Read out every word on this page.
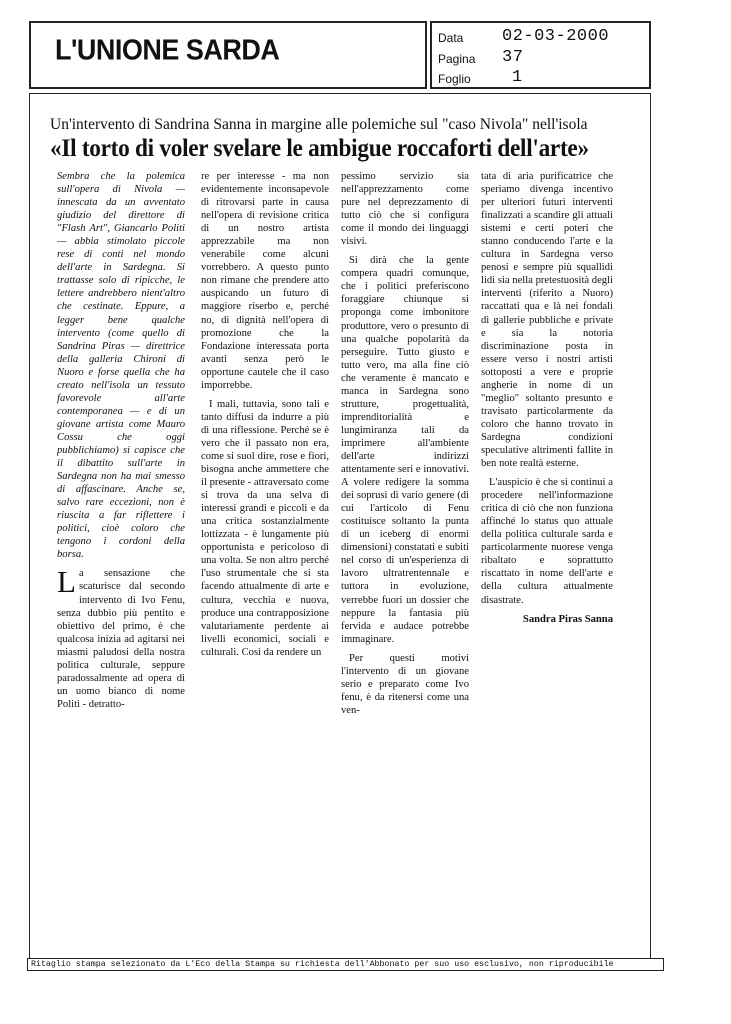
L'UNIONE SARDA	Data 02-03-2000
Pagina 37
Foglio 1
Un'intervento di Sandrina Sanna in margine alle polemiche sul "caso Nivola" nell'isola
«Il torto di voler svelare le ambigue roccaforti dell'arte»

Sembra che la polemica sull'opera di Nivola — innescata da un avventato giudizio del direttore di "Flash Art", Giancarlo Politi — abbia stimolato piccole rese di conti nel mondo dell'arte in Sardegna. Si trattasse solo di ripicche, le lettere andrebbero nient'altro che cestinate. Eppure, a legger bene qualche intervento (come quello di Sandrina Piras — direttrice della galleria Chironi di Nuoro e forse quella che ha creato nell'isola un tessuto favorevole all'arte contemporanea — e di un giovane artista come Mauro Cossu che oggi pubblichiamo) si capisce che il dibattito sull'arte in Sardegna non ha mai smesso di affascinare. Anche se, salvo rare eccezioni, non è riuscita a far riflettere i politici, cioè coloro che tengono i cordoni della borsa.

La sensazione che scaturisce dal secondo intervento di Ivo Fenu, senza dubbio più pentito e obiettivo del primo, è che qualcosa inizia ad agitarsi nei miasmi paludosi della nostra politica culturale, seppure paradossalmente ad opera di un uomo bianco di nome Politi - detratto-

re per interesse - ma non evidentemente inconsapevole di ritrovarsi parte in causa nell'opera di revisione critica di un nostro artista apprezzabile ma non venerabile come alcuni vorrebbero. A questo punto non rimane che prendere atto auspicando un futuro di maggiore riserbo e, perché no, di dignità nell'opera di promozione che la Fondazione interessata porta avanti senza però le opportune cautele che il caso imporrebbe.

I mali, tuttavia, sono tali e tanto diffusi da indurre a più di una riflessione. Perché se è vero che il passato non era, come si suol dire, rose e fiori, bisogna anche ammettere che il presente - attraversato come si trova da una selva di interessi grandi e piccoli e da una critica sostanzialmente lottizzata - è lungamente più opportunista e pericoloso di una volta. Se non altro perché l'uso strumentale che si sta facendo attualmente di arte e cultura, vecchia e nuova, produce una contrapposizione valutariamente perdente ai livelli economici, sociali e culturali. Così da rendere un

pessimo servizio sia nell'apprezzamento come pure nel deprezzamento di tutto ciò che si configura come il mondo dei linguaggi visivi.

Si dirà che la gente compera quadri comunque, che i politici preferiscono foraggiare chiunque si proponga come imbonitore produttore, vero o presunto di una qualche popolarità da perseguire. Tutto giusto e tutto vero, ma alla fine ciò che veramente è mancato e manca in Sardegna sono strutture, progettualità, imprenditorialità e lungimiranza tali da imprimere all'ambiente dell'arte indirizzi attentamente seri e innovativi. A volere redigere la somma dei soprusi di vario genere (di cui l'articolo di Fenu costituisce soltanto la punta di un iceberg di enormi dimensioni) constatati e subiti nel corso di un'esperienza di lavoro ultratrentennale e tuttora in evoluzione, verrebbe fuori un dossier che neppure la fantasia più fervida e audace potrebbe immaginare.

Per questi motivi l'intervento di un giovane serio e preparato come Ivo fenu, è da ritenersi come una ven-

tata di aria purificatrice che speriamo divenga incentivo per ulteriori futuri interventi finalizzati a scandire gli attuali sistemi e certi poteri che stanno conducendo l'arte e la cultura in Sardegna verso penosi e sempre più squallidi lidi sia nella pretestuosità degli interventi (riferito a Nuoro) raccattati qua e là nei fondali di gallerie pubbliche e private e sia la notoria discriminazione posta in essere verso i nostri artisti sottoposti a vere e proprie angherie in nome di un "meglio" soltanto presunto e travisato particolarmente da coloro che hanno trovato in Sardegna condizioni speculative altrimenti fallite in ben note realtà esterne.

L'auspicio è che si continui a procedere nell'informazione critica di ciò che non funziona affinché lo status quo attuale della politica culturale sarda e particolarmente nuorese venga ribaltato e soprattutto riscattato in nome dell'arte e della cultura attualmente disastrate.

Sandra Piras Sanna
Ritaglio stampa selezionato da L'Eco della Stampa su richiesta dell'Abbonato per suo uso esclusivo, non riproducibile
